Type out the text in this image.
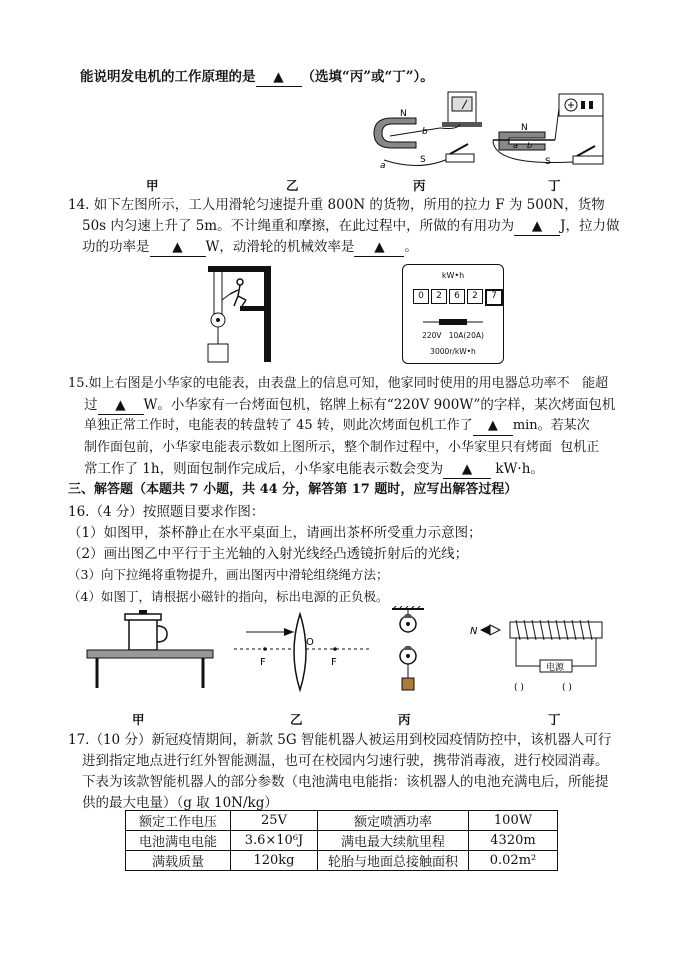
能说明发电机的工作原理的是 ▲ （选填“丙”或“丁”）。
N
S
a
b	N
S
a b
甲	乙	丙	丁
14. 如下左图所示，工人用滑轮匀速提升重 800N 的货物，所用的拉力 F 为 500N，货物
50s 内匀速上升了 5m。不计绳重和摩擦，在此过程中，所做的有用功为 ▲ J，拉力做
功的功率是 ▲ W，动滑轮的机械效率是 ▲ 。
kW•h
0	2	6	2	7
220V   10A(20A)
3000r/kW•h
15.如上右图是小华家的电能表，由表盘上的信息可知，他家同时使用的用电器总功率不 能超
过 ▲ W。小华家有一台烤面包机，铭牌上标有“220V 900W”的字样，某次烤面包机
单独正常工作时，电能表的转盘转了 45 转，则此次烤面包机工作了 ▲ min。若某次
制作面包前，小华家电能表示数如上图所示，整个制作过程中，小华家里只有烤面 包机正
常工作了 1h，则面包制作完成后，小华家电能表示数会变为 ▲ kW·h。
三、解答题（本题共 7 小题，共 44 分，解答第 17 题时，应写出解答过程）
16.（4 分）按照题目要求作图：
（1）如图甲，茶杯静止在水平桌面上，请画出茶杯所受重力示意图；
（2）画出图乙中平行于主光轴的入射光线经凸透镜折射后的光线；
（3）向下拉绳将重物提升，画出图丙中滑轮组绕绳方法；
（4）如图丁，请根据小磁针的指向，标出电源的正负极。
F
O
F
N
电源
( )	( )
甲	乙	丙	丁
17.（10 分）新冠疫情期间，新款 5G 智能机器人被运用到校园疫情防控中，该机器人可行
进到指定地点进行红外智能测温，也可在校园内匀速行驶，携带消毒液，进行校园消毒。
下表为该款智能机器人的部分参数（电池满电电能指：该机器人的电池充满电后，所能提
供的最大电量）（g 取 10N/kg）
额定工作电压	25V	额定喷洒功率	100W
电池满电电能	3.6×10⁶J	满电最大续航里程	4320m
满载质量	120kg	轮胎与地面总接触面积	0.02m²
